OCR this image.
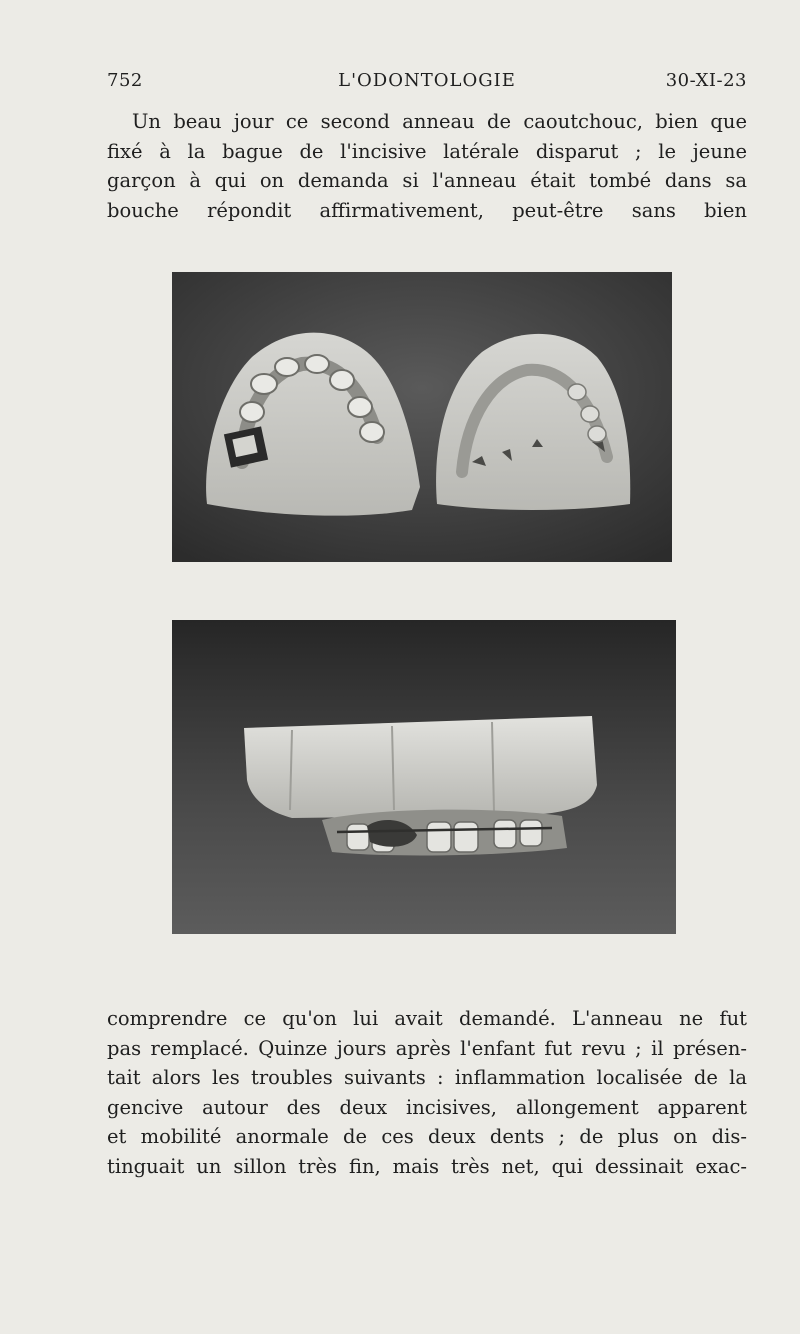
752	L'ODONTOLOGIE	30-XI-23

Un beau jour ce second anneau de caoutchouc, bien que
fixé à la bague de l'incisive latérale disparut ; le jeune
garçon à qui on demanda si l'anneau était tombé dans sa
bouche répondit affirmativement, peut-être sans bien

comprendre ce qu'on lui avait demandé. L'anneau ne fut
pas remplacé. Quinze jours après l'enfant fut revu ; il présen-
tait alors les troubles suivants : inflammation localisée de la
gencive autour des deux incisives, allongement apparent
et mobilité anormale de ces deux dents ; de plus on dis-
tinguait un sillon très fin, mais très net, qui dessinait exac-
